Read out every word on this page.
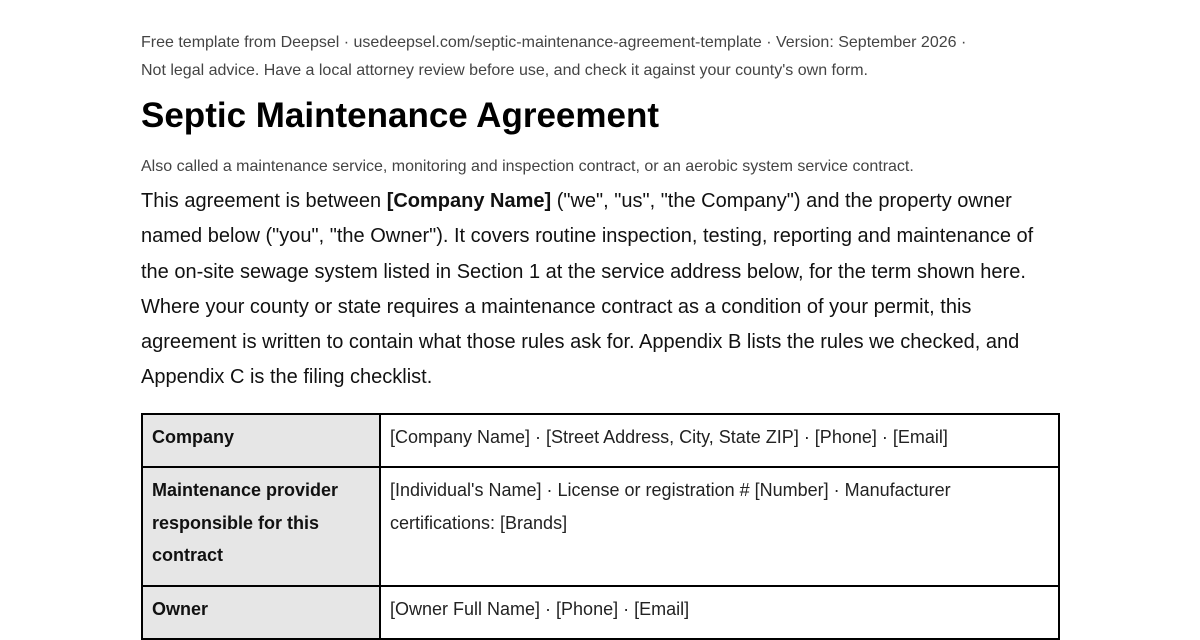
Free template from Deepsel · usedeepsel.com/septic-maintenance-agreement-template · Version: September 2026 ·
Not legal advice. Have a local attorney review before use, and check it against your county's own form.
Septic Maintenance Agreement
Also called a maintenance service, monitoring and inspection contract, or an aerobic system service contract.
This agreement is between [Company Name] ("we", "us", "the Company") and the property owner named below ("you", "the Owner"). It covers routine inspection, testing, reporting and maintenance of the on-site sewage system listed in Section 1 at the service address below, for the term shown here. Where your county or state requires a maintenance contract as a condition of your permit, this agreement is written to contain what those rules ask for. Appendix B lists the rules we checked, and Appendix C is the filing checklist.
Company	[Company Name] · [Street Address, City, State ZIP] · [Phone] · [Email]
Maintenance provider responsible for this contract	[Individual's Name] · License or registration # [Number] · Manufacturer certifications: [Brands]
Owner	[Owner Full Name] · [Phone] · [Email]
